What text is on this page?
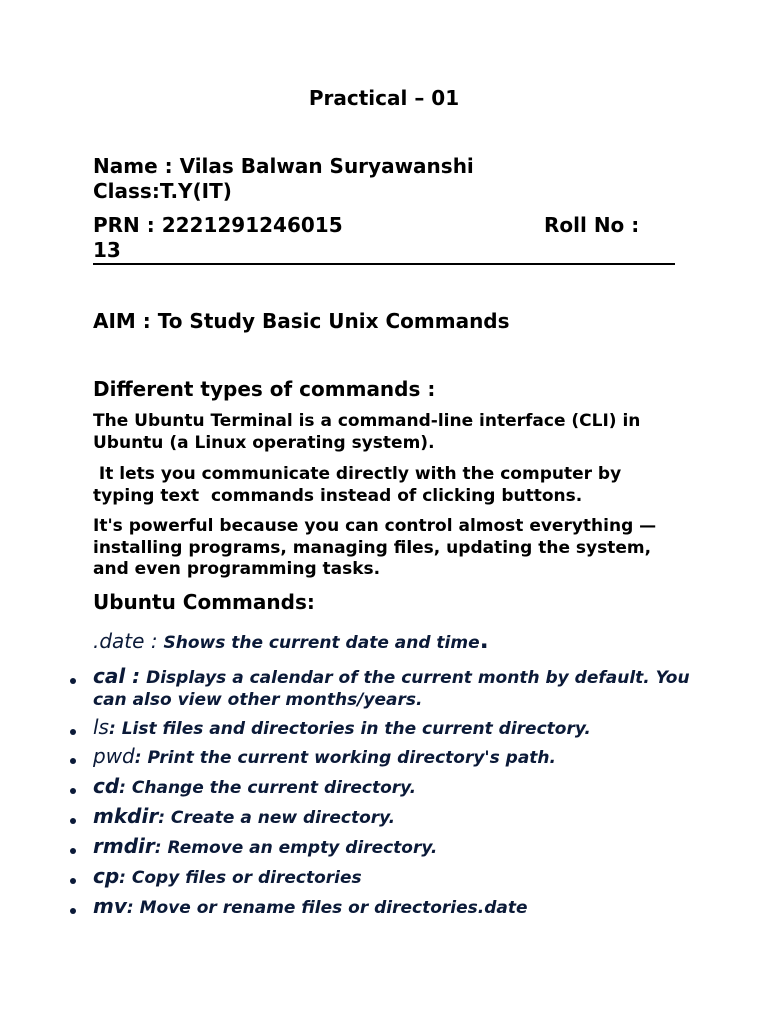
Practical – 01
Name : Vilas Balwan Suryawanshi
Class:T.Y(IT)
PRN : 2221291246015	Roll No :
13
AIM : To Study Basic Unix Commands
Different types of commands :
The Ubuntu Terminal is a command-line interface (CLI) in Ubuntu (a Linux operating system).
It lets you communicate directly with the computer by typing text  commands instead of clicking buttons.
It's powerful because you can control almost everything — installing programs, managing files, updating the system, and even programming tasks.
Ubuntu Commands:
.date : Shows the current date and time.
cal : Displays a calendar of the current month by default. You can also view other months/years.
ls: List files and directories in the current directory.
pwd: Print the current working directory's path.
cd: Change the current directory.
mkdir: Create a new directory.
rmdir: Remove an empty directory.
cp: Copy files or directories
mv: Move or rename files or directories.date
